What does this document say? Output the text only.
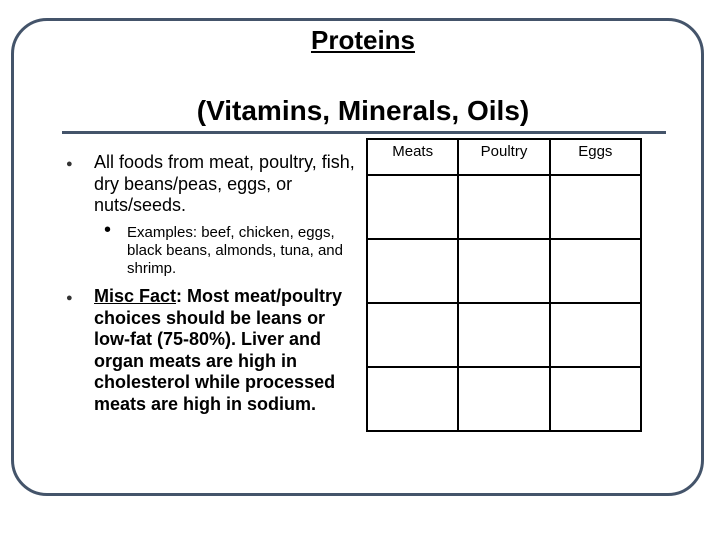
Proteins
(Vitamins, Minerals, Oils)
● All foods from meat, poultry, fish, dry beans/peas, eggs, or nuts/seeds.
• Examples: beef, chicken, eggs, black beans, almonds, tuna, and shrimp.
● Misc Fact: Most meat/poultry choices should be leans or low-fat (75-80%). Liver and organ meats are high in cholesterol while processed meats are high in sodium.
Meats	Poultry	Eggs
